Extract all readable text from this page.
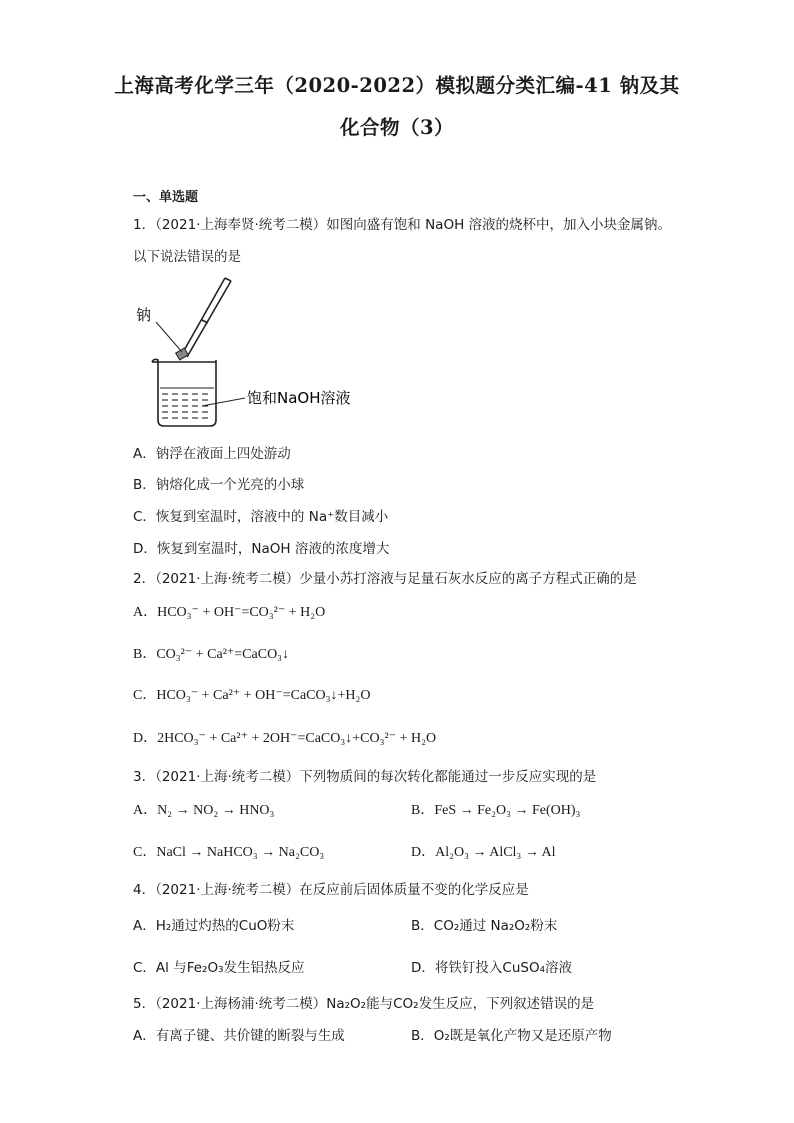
上海高考化学三年（2020-2022）模拟题分类汇编-41 钠及其
化合物（3）
一、单选题
1．（2021·上海奉贤·统考二模）如图向盛有饱和 NaOH 溶液的烧杯中，加入小块金属钠。
以下说法错误的是
钠
饱和NaOH溶液
A．钠浮在液面上四处游动
B．钠熔化成一个光亮的小球
C．恢复到室温时，溶液中的 Na⁺数目减小
D．恢复到室温时，NaOH 溶液的浓度增大
2．（2021·上海·统考二模）少量小苏打溶液与足量石灰水反应的离子方程式正确的是
A．HCO₃⁻ + OH⁻=CO₃²⁻ + H₂O
B．CO₃²⁻ + Ca²⁺=CaCO₃↓
C．HCO₃⁻ + Ca²⁺ + OH⁻=CaCO₃↓+H₂O
D．2HCO₃⁻ + Ca²⁺ + 2OH⁻=CaCO₃↓+CO₃²⁻ + H₂O
3．（2021·上海·统考二模）下列物质间的每次转化都能通过一步反应实现的是
A．N₂ → NO₂ → HNO₃	B．FeS → Fe₂O₃ → Fe(OH)₃
C．NaCl → NaHCO₃ → Na₂CO₃	D．Al₂O₃ → AlCl₃ → Al
4．（2021·上海·统考二模）在反应前后固体质量不变的化学反应是
A．H₂通过灼热的CuO粉末	B．CO₂通过 Na₂O₂粉末
C．Al 与Fe₂O₃发生铝热反应	D．将铁钉投入CuSO₄溶液
5．（2021·上海杨浦·统考二模）Na₂O₂能与CO₂发生反应，下列叙述错误的是
A．有离子键、共价键的断裂与生成	B．O₂既是氧化产物又是还原产物
